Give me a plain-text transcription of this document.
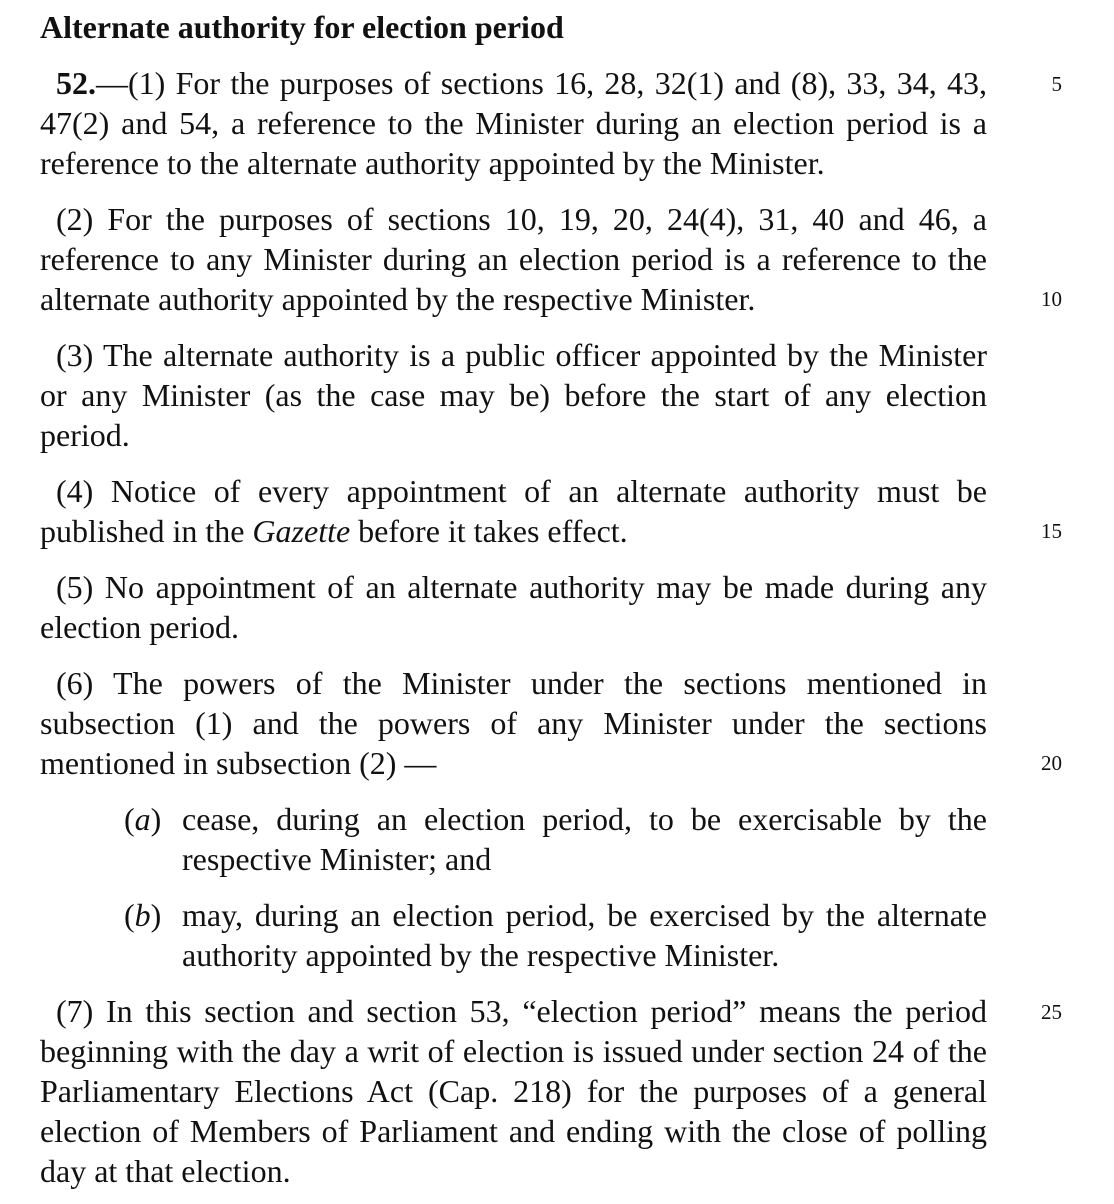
Alternate authority for election period

52.—(1) For the purposes of sections 16, 28, 32(1) and (8), 33, 34, 43, 47(2) and 54, a reference to the Minister during an election period is a reference to the alternate authority appointed by the Minister.

(2) For the purposes of sections 10, 19, 20, 24(4), 31, 40 and 46, a reference to any Minister during an election period is a reference to the alternate authority appointed by the respective Minister.

(3) The alternate authority is a public officer appointed by the Minister or any Minister (as the case may be) before the start of any election period.

(4) Notice of every appointment of an alternate authority must be published in the Gazette before it takes effect.

(5) No appointment of an alternate authority may be made during any election period.

(6) The powers of the Minister under the sections mentioned in subsection (1) and the powers of any Minister under the sections mentioned in subsection (2) —

(a) cease, during an election period, to be exercisable by the respective Minister; and
(b) may, during an election period, be exercised by the alternate authority appointed by the respective Minister.

(7) In this section and section 53, “election period” means the period beginning with the day a writ of election is issued under section 24 of the Parliamentary Elections Act (Cap. 218) for the purposes of a general election of Members of Parliament and ending with the close of polling day at that election.

5
10
15
20
25
